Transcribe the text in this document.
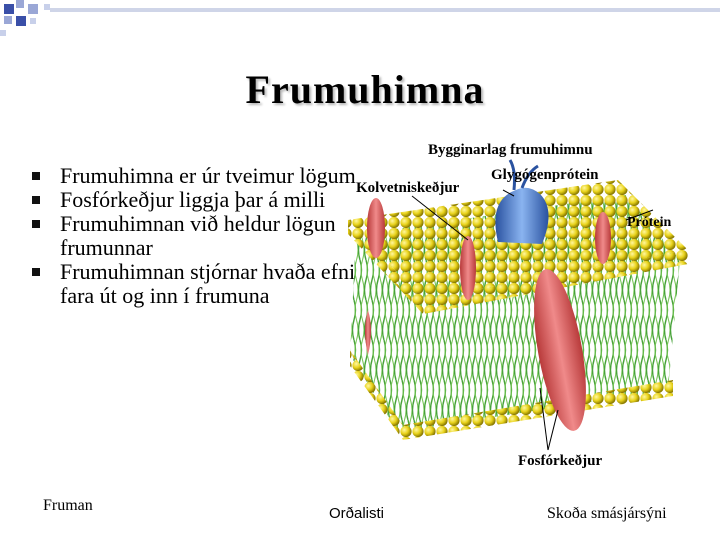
Frumuhimna
Frumuhimna er úr tveimur lögum
Fosfórkeðjur liggja þar á milli
Frumuhimnan við heldur lögun frumunnar
Frumuhimnan stjórnar hvaða efni fara út og inn í frumuna
Bygginarlag frumuhimnu
Kolvetniskeðjur
Glygógenprótein
Prótein
Fosfórkeðjur
Fruman	Orðalisti	Skoða smásjársýni
